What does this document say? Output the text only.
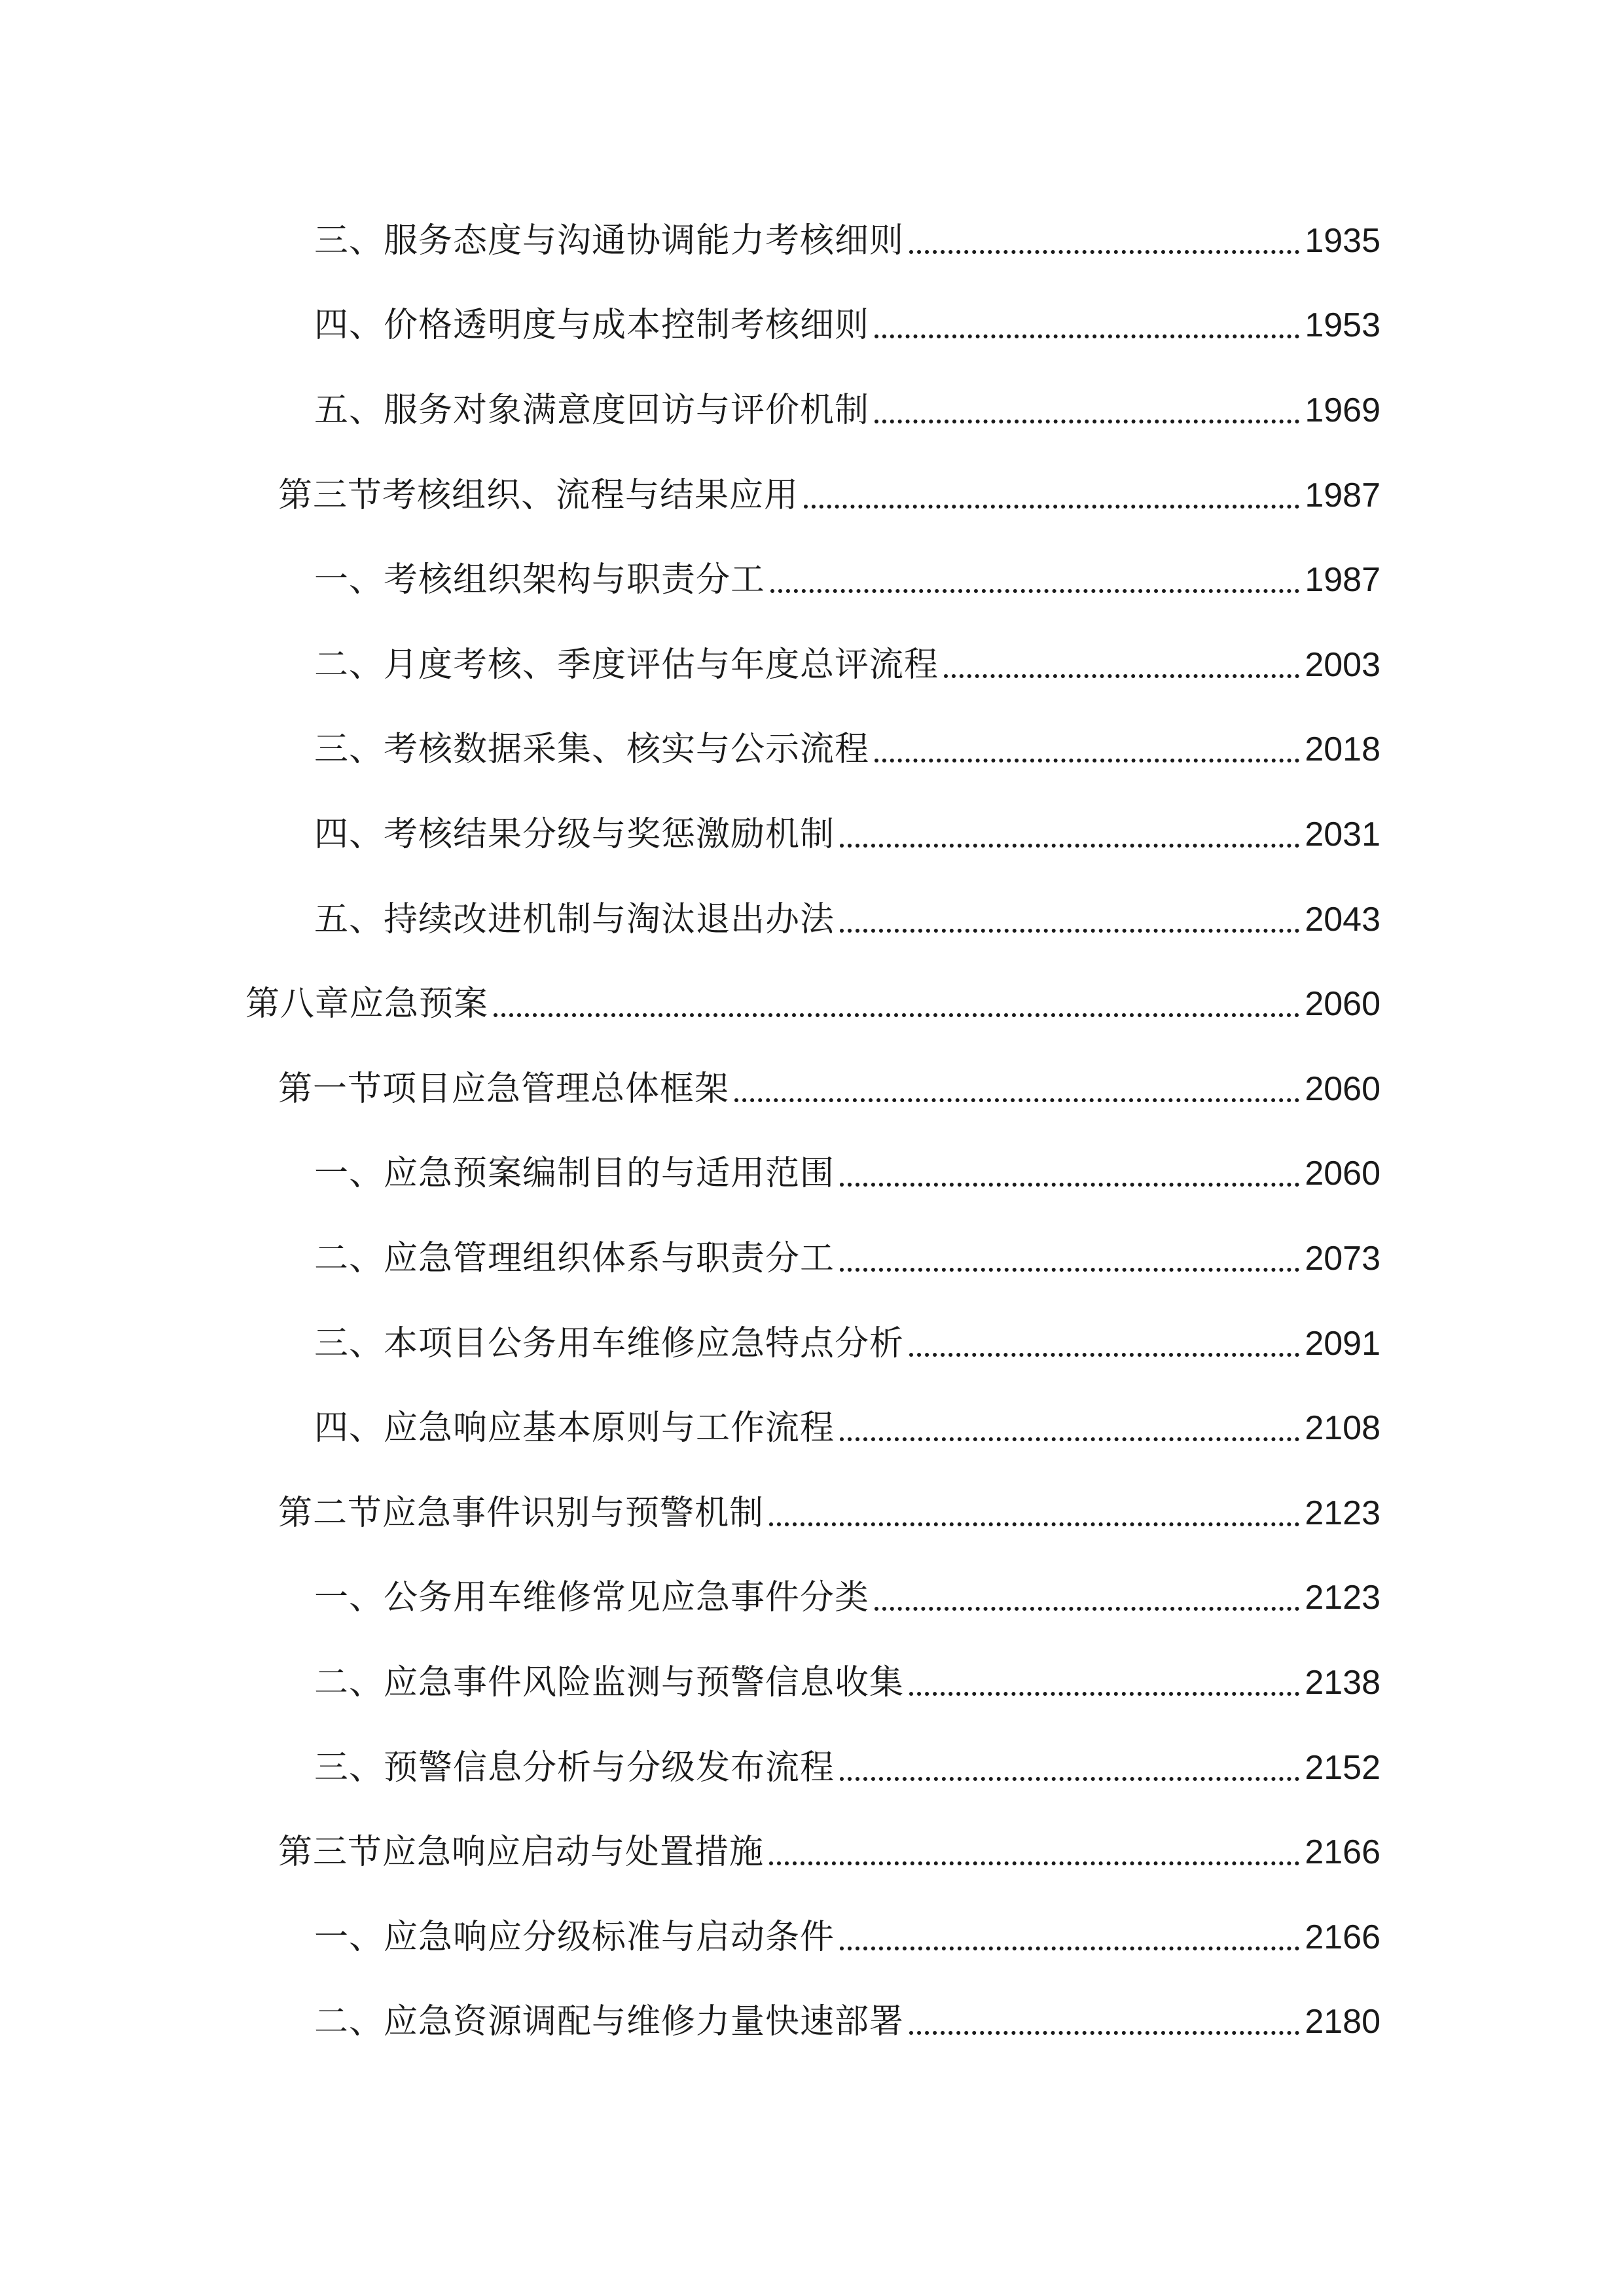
三、服务态度与沟通协调能力考核细则	1935
四、价格透明度与成本控制考核细则	1953
五、服务对象满意度回访与评价机制	1969
第三节考核组织、流程与结果应用	1987
一、考核组织架构与职责分工	1987
二、月度考核、季度评估与年度总评流程	2003
三、考核数据采集、核实与公示流程	2018
四、考核结果分级与奖惩激励机制	2031
五、持续改进机制与淘汰退出办法	2043
第八章应急预案	2060
第一节项目应急管理总体框架	2060
一、应急预案编制目的与适用范围	2060
二、应急管理组织体系与职责分工	2073
三、本项目公务用车维修应急特点分析	2091
四、应急响应基本原则与工作流程	2108
第二节应急事件识别与预警机制	2123
一、公务用车维修常见应急事件分类	2123
二、应急事件风险监测与预警信息收集	2138
三、预警信息分析与分级发布流程	2152
第三节应急响应启动与处置措施	2166
一、应急响应分级标准与启动条件	2166
二、应急资源调配与维修力量快速部署	2180
